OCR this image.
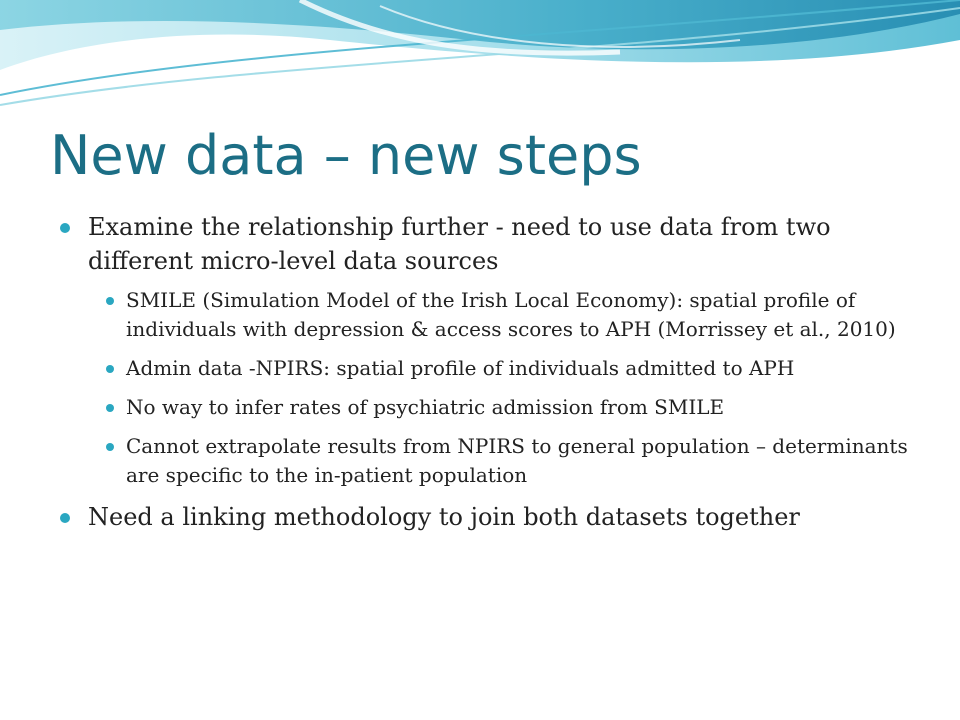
New data – new steps
Examine the relationship further - need to use data from two different micro-level data sources
SMILE (Simulation Model of the Irish Local Economy): spatial profile of individuals with depression & access scores to APH (Morrissey et al., 2010)
Admin data -NPIRS: spatial profile of individuals admitted to APH
No way to infer rates of psychiatric admission from SMILE
Cannot extrapolate results from NPIRS to general population – determinants are specific to the in-patient population
Need a linking methodology to join both datasets together
